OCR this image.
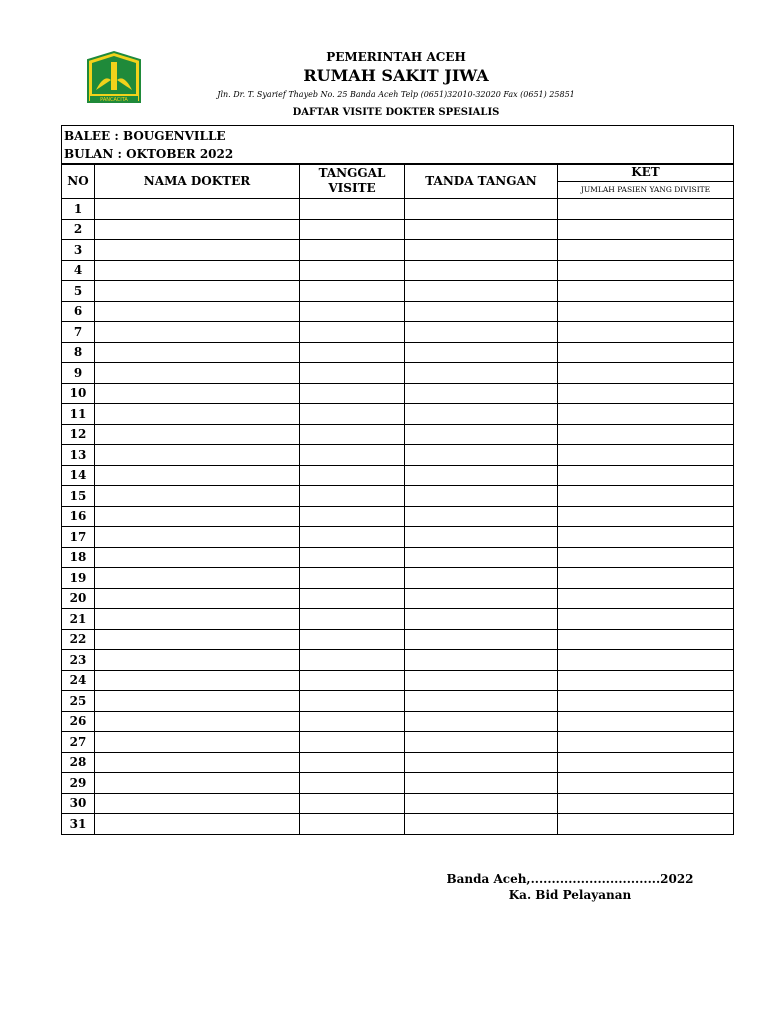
PANCACITA
PEMERINTAH ACEH
RUMAH SAKIT JIWA
Jln. Dr. T. Syarief Thayeb No. 25 Banda Aceh Telp (0651)32010-32020 Fax (0651) 25851
DAFTAR VISITE DOKTER SPESIALIS
BALEE : BOUGENVILLE
BULAN : OKTOBER 2022
NO	NAMA DOKTER	TANGGAL VISITE	TANDA TANGAN	KET
JUMLAH PASIEN YANG DIVISITE

1				
2				
3				
4				
5				
6				
7				
8				
9				
10				
11				
12				
13				
14				
15				
16				
17				
18				
19				
20				
21				
22				
23				
24				
25				
26				
27				
28				
29				
30				
31				
Banda Aceh,...............................2022
Ka. Bid Pelayanan
